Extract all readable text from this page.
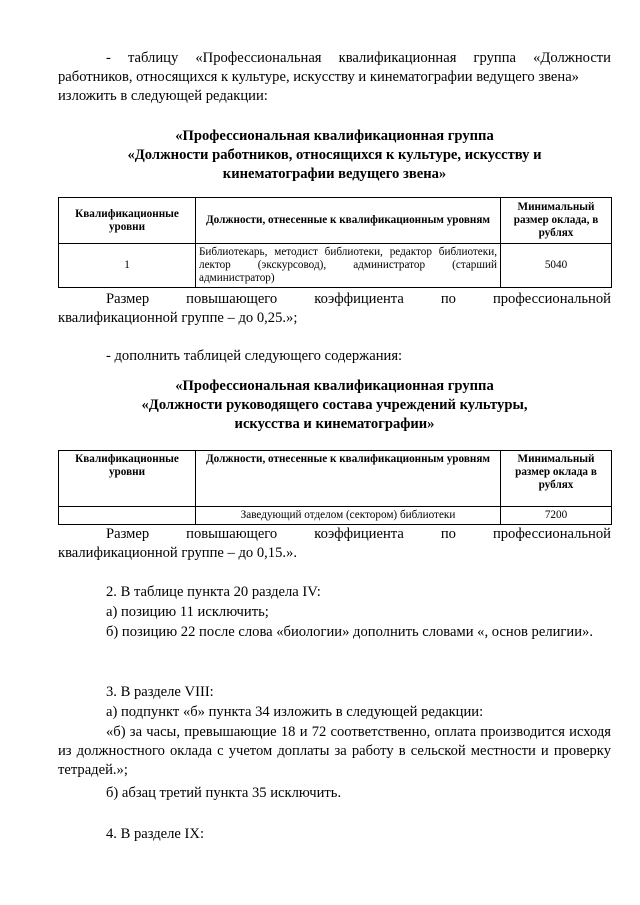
- таблицу «Профессиональная квалификационная группа «Должности

работников, относящихся к культуре, искусству и кинематографии ведущего звена»

изложить в следующей редакции:

«Профессиональная квалификационная группа

«Должности работников, относящихся к культуре, искусству и

кинематографии ведущего звена»

Квалификационные уровни	Должности, отнесенные к квалификационным уровням	Минимальный размер оклада, в рублях
1	Библиотекарь, методист библиотеки, редактор библиотеки, лектор (экскурсовод), администратор (старший администратор)	5040
Размер	повышающего	коэффициента	по	профессиональной

квалификационной группе – до 0,25.»;

- дополнить таблицей следующего содержания:

«Профессиональная квалификационная группа

«Должности руководящего состава учреждений культуры,

искусства и кинематографии»

Квалификационные уровни	Должности, отнесенные к квалификационным уровням	Минимальный размер оклада в рублях
	Заведующий отделом (сектором) библиотеки	7200
Размер	повышающего	коэффициента	по	профессиональной

квалификационной группе – до 0,15.».

2. В таблице пункта 20 раздела IV:

а) позицию 11 исключить;

б) позицию 22 после слова «биологии» дополнить словами «, основ религии».

3. В разделе VIII:

а) подпункт «б» пункта 34 изложить в следующей редакции:

«б) за часы, превышающие 18 и 72 соответственно, оплата производится исходя из должностного оклада с учетом доплаты за работу в сельской местности и проверку тетрадей.»;

б) абзац третий пункта 35 исключить.

4. В разделе IX:
